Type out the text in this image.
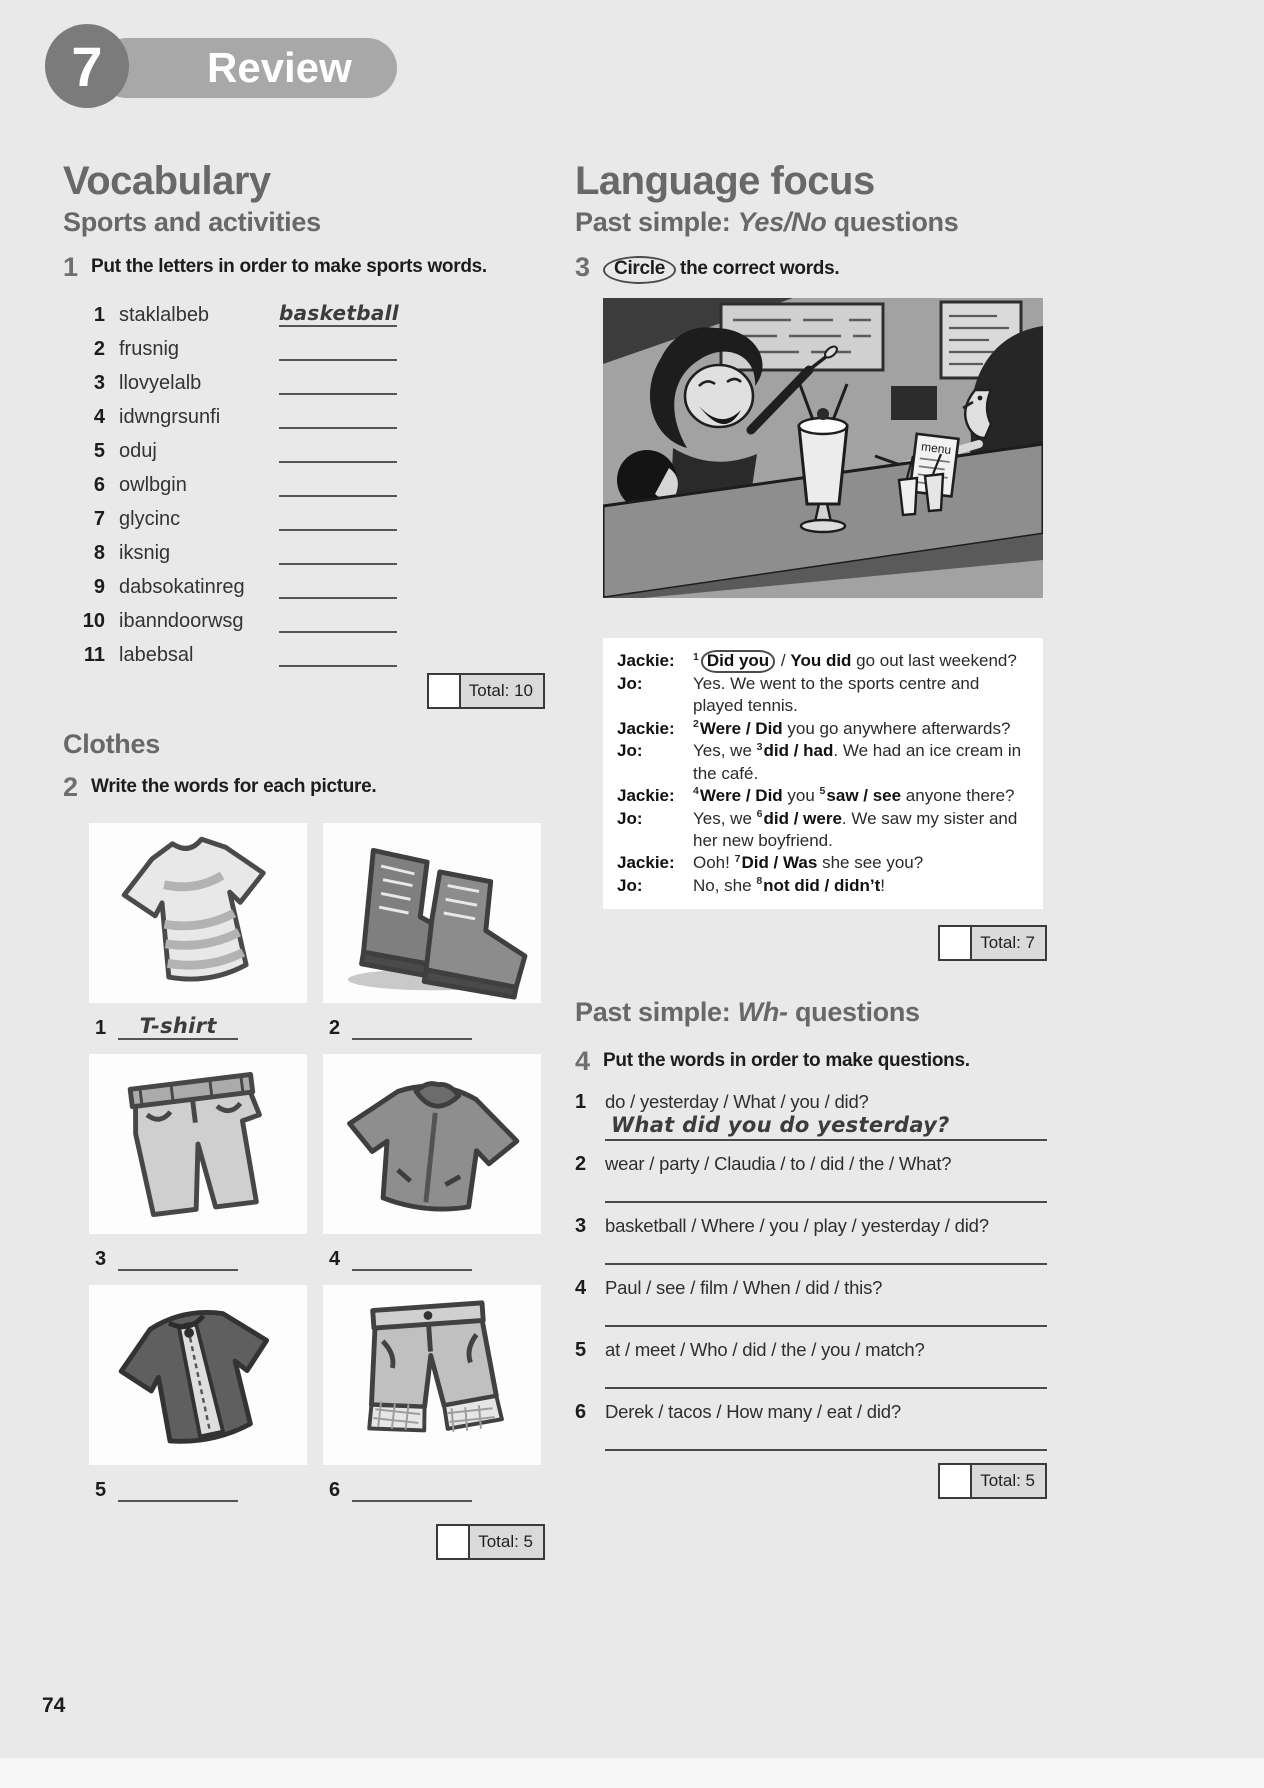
Review
7
Vocabulary
Sports and activities
1 Put the letters in order to make sports words.
1 staklalbeb	basketball
2 frusnig
3 llovyelalb
4 idwngrsunfi
5 oduj
6 owlbgin
7 glycinc
8 iksnig
9 dabsokatinreg
10 ibanndoorwsg
11 labebsal
Total: 10
Clothes
2 Write the words for each picture.
1	T-shirt	2
3	4
5	6
Total: 5
Language focus
Past simple: Yes/No questions
3	Circle the correct words.
menu
Jackie:	$^1$ Did you / You did go out last weekend?
Jo:	Yes. We went to the sports centre and played tennis.
Jackie:	$^2$Were / Did you go anywhere afterwards?
Jo:	Yes, we $^3$did / had. We had an ice cream in the café.
Jackie:	$^4$Were / Did you $^5$saw / see anyone there?
Jo:	Yes, we $^6$did / were. We saw my sister and her new boyfriend.
Jackie:	Ooh! $^7$Did / Was she see you?
Jo:	No, she $^8$not did / didn’t!
Total: 7
Past simple: Wh- questions
4 Put the words in order to make questions.
1	do / yesterday / What / you / did?
What did you do yesterday?
2	wear / party / Claudia / to / did / the / What?
3	basketball / Where / you / play / yesterday / did?
4	Paul / see / film / When / did / this?
5	at / meet / Who / did / the / you / match?
6	Derek / tacos / How many / eat / did?
Total: 5
74
